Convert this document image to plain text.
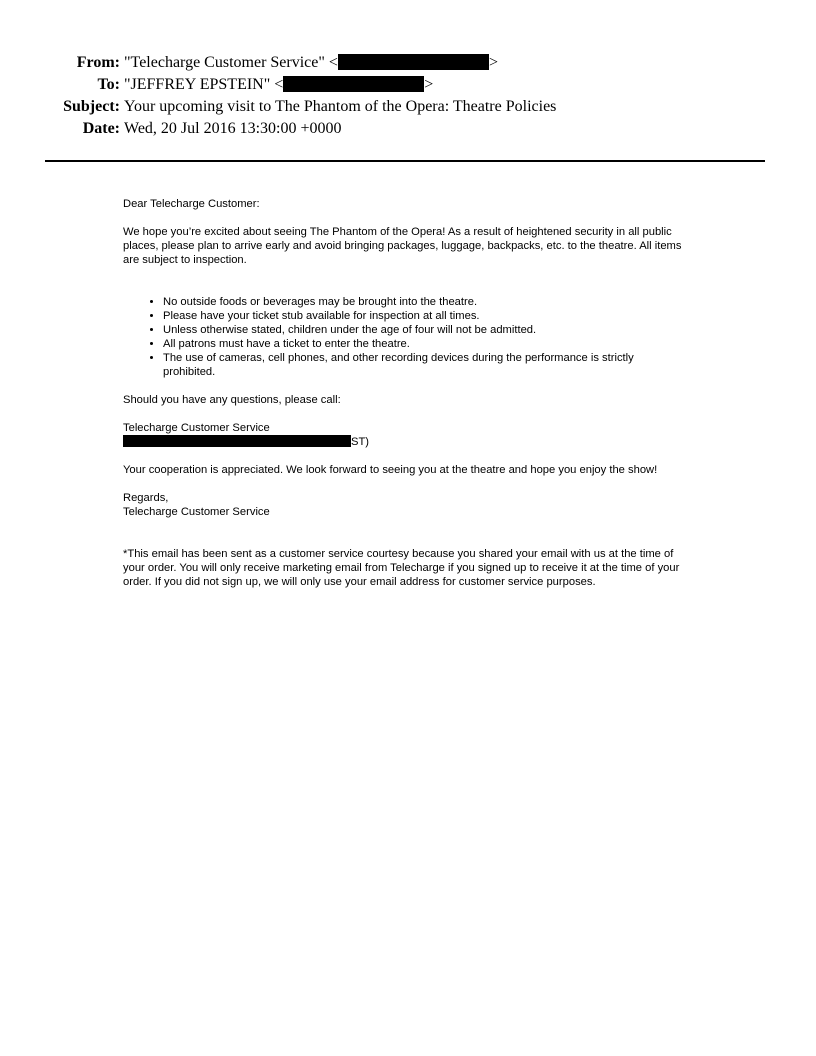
From: "Telecharge Customer Service" <	>
To: "JEFFREY EPSTEIN" <	>
Subject: Your upcoming visit to The Phantom of the Opera: Theatre Policies
Date: Wed, 20 Jul 2016 13:30:00 +0000

Dear Telecharge Customer:

We hope you’re excited about seeing The Phantom of the Opera! As a result of heightened security in all public places, please plan to arrive early and avoid bringing packages, luggage, backpacks, etc. to the theatre. All items are subject to inspection.

• No outside foods or beverages may be brought into the theatre.
• Please have your ticket stub available for inspection at all times.
• Unless otherwise stated, children under the age of four will not be admitted.
• All patrons must have a ticket to enter the theatre.
• The use of cameras, cell phones, and other recording devices during the performance is strictly prohibited.

Should you have any questions, please call:

Telecharge Customer Service

ST)

Your cooperation is appreciated. We look forward to seeing you at the theatre and hope you enjoy the show!

Regards,

Telecharge Customer Service

*This email has been sent as a customer service courtesy because you shared your email with us at the time of your order. You will only receive marketing email from Telecharge if you signed up to receive it at the time of your order. If you did not sign up, we will only use your email address for customer service purposes.
